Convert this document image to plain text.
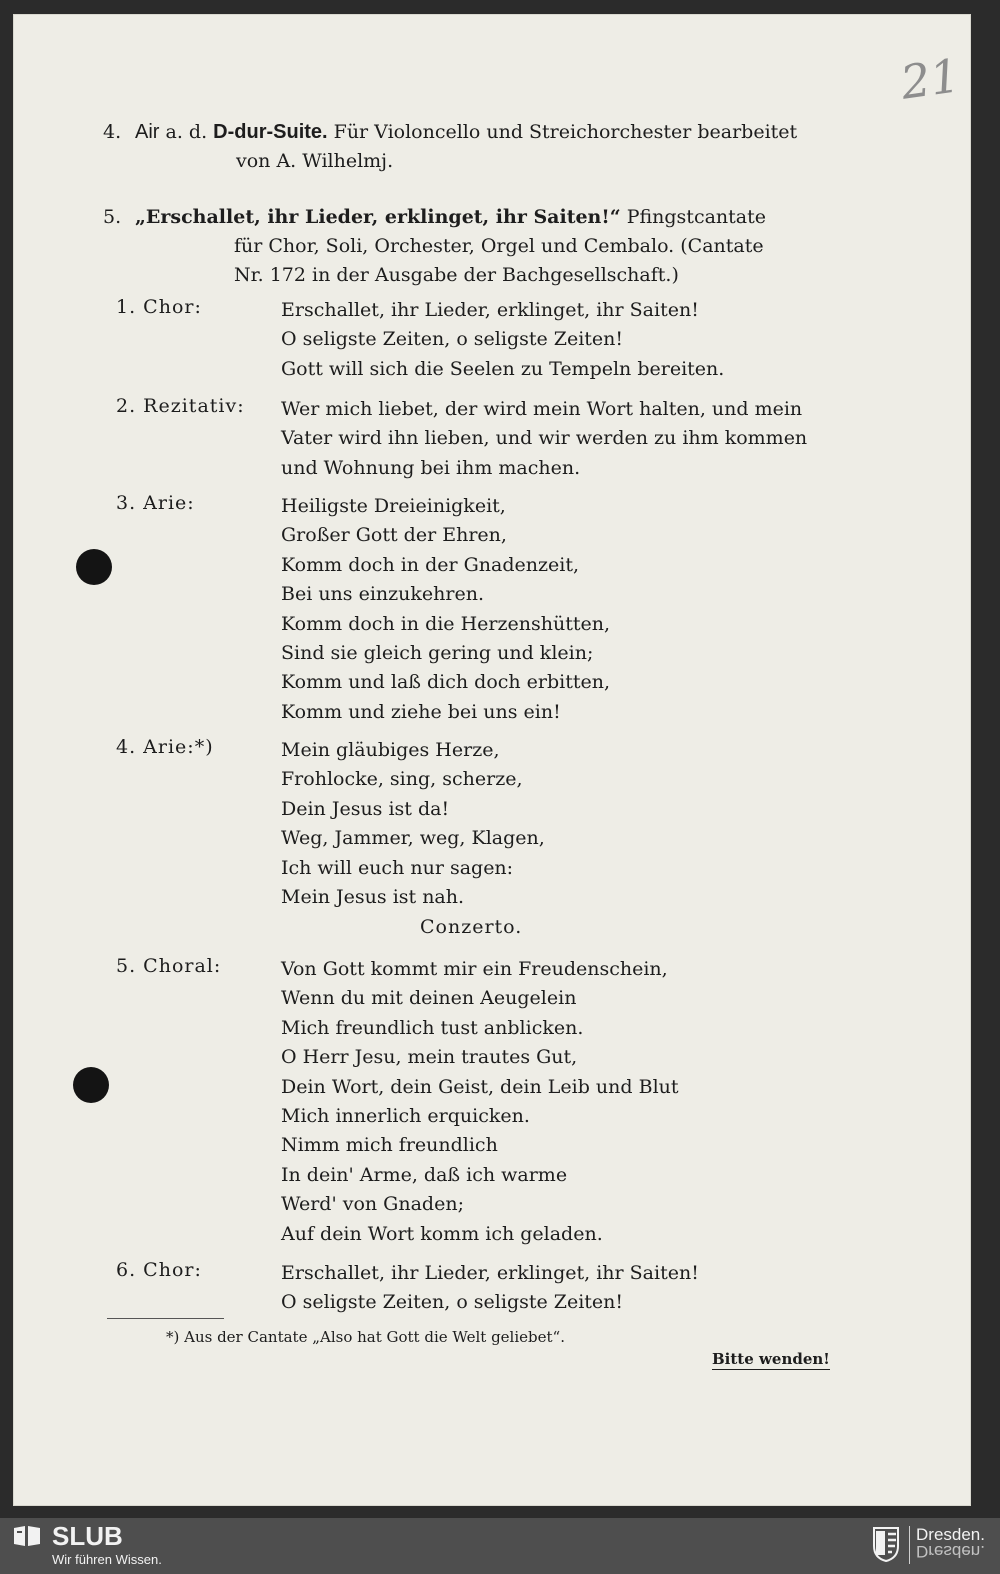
21
4. Air a. d. D-dur-Suite. Für Violoncello und Streichorchester bearbeitet
von A. Wilhelmj.
5. „Erschallet, ihr Lieder, erklinget, ihr Saiten!“ Pfingstcantate
für Chor, Soli, Orchester, Orgel und Cembalo. (Cantate
Nr. 172 in der Ausgabe der Bachgesellschaft.)
1. Chor:	Erschallet, ihr Lieder, erklinget, ihr Saiten!
O seligste Zeiten, o seligste Zeiten!
Gott will sich die Seelen zu Tempeln bereiten.
2. Rezitativ: Wer mich liebet, der wird mein Wort halten, und mein
Vater wird ihn lieben, und wir werden zu ihm kommen
und Wohnung bei ihm machen.
3. Arie:	Heiligste Dreieinigkeit,
Großer Gott der Ehren,
Komm doch in der Gnadenzeit,
Bei uns einzukehren.
Komm doch in die Herzenshütten,
Sind sie gleich gering und klein;
Komm und laß dich doch erbitten,
Komm und ziehe bei uns ein!
4. Arie:*)	Mein gläubiges Herze,
Frohlocke, sing, scherze,
Dein Jesus ist da!
Weg, Jammer, weg, Klagen,
Ich will euch nur sagen:
Mein Jesus ist nah.
Conzerto.
5. Choral:	Von Gott kommt mir ein Freudenschein,
Wenn du mit deinen Aeugelein
Mich freundlich tust anblicken.
O Herr Jesu, mein trautes Gut,
Dein Wort, dein Geist, dein Leib und Blut
Mich innerlich erquicken.
Nimm mich freundlich
In dein' Arme, daß ich warme
Werd' von Gnaden;
Auf dein Wort komm ich geladen.
6. Chor:	Erschallet, ihr Lieder, erklinget, ihr Saiten!
O seligste Zeiten, o seligste Zeiten!
*) Aus der Cantate „Also hat Gott die Welt geliebet“.
Bitte wenden!
SLUB
Wir führen Wissen.
Dresden.
Dresden.
